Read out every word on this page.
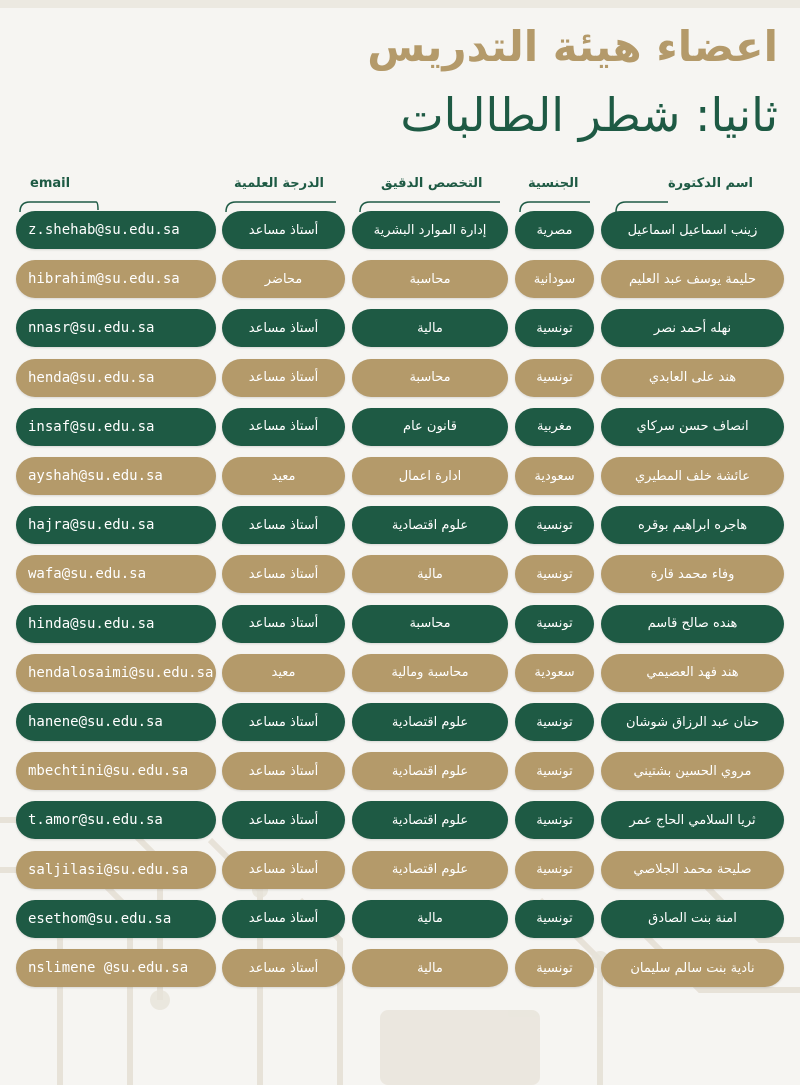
اعضاء هيئة التدريس
ثانيا: شطر الطالبات
اسم الدكتورة
الجنسية
التخصص الدقيق
الدرجة العلمية
email
زينب اسماعيل اسماعيل
مصرية
إدارة الموارد البشرية
أستاذ مساعد
z.shehab@su.edu.sa
حليمة يوسف عبد العليم
سودانية
محاسبة
محاضر
hibrahim@su.edu.sa
نهله أحمد نصر
تونسية
مالية
أستاذ مساعد
nnasr@su.edu.sa
هند على العابدي
تونسية
محاسبة
أستاذ مساعد
henda@su.edu.sa
انصاف حسن سركاي
مغربية
قانون عام
أستاذ مساعد
insaf@su.edu.sa
عائشة خلف المطيري
سعودية
ادارة اعمال
معيد
ayshah@su.edu.sa
هاجره ابراهيم بوقره
تونسية
علوم اقتصادية
أستاذ مساعد
hajra@su.edu.sa
وفاء محمد قارة
تونسية
مالية
أستاذ مساعد
wafa@su.edu.sa
هنده صالح قاسم
تونسية
محاسبة
أستاذ مساعد
hinda@su.edu.sa
هند فهد العصيمي
سعودية
محاسبة ومالية
معيد
hendalosaimi@su.edu.sa
حنان عبد الرزاق شوشان
تونسية
علوم اقتصادية
أستاذ مساعد
hanene@su.edu.sa
مروي الحسين بشتيني
تونسية
علوم اقتصادية
أستاذ مساعد
mbechtini@su.edu.sa
ثريا السلامي الحاج عمر
تونسية
علوم اقتصادية
أستاذ مساعد
t.amor@su.edu.sa
صليحة محمد الجلاصي
تونسية
علوم اقتصادية
أستاذ مساعد
saljilasi@su.edu.sa
امنة بنت الصادق
تونسية
مالية
أستاذ مساعد
esethom@su.edu.sa
نادية بنت سالم سليمان
تونسية
مالية
أستاذ مساعد
nslimene @su.edu.sa
